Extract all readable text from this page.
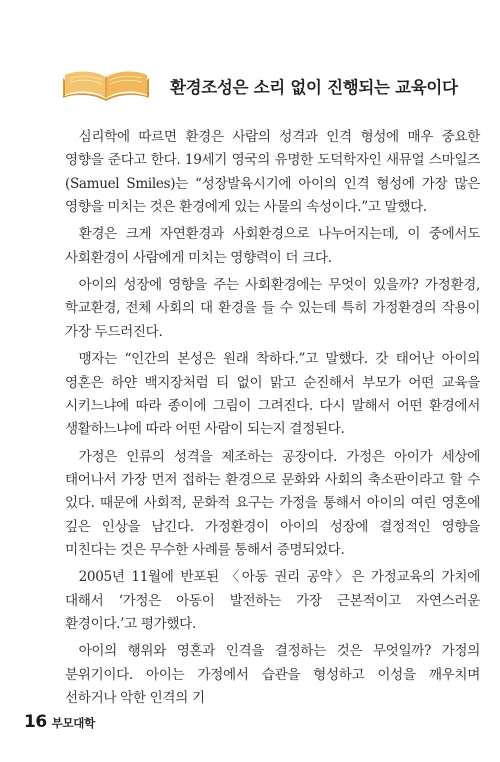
환경조성은 소리 없이 진행되는 교육이다

심리학에 따르면 환경은 사람의 성격과 인격 형성에 매우 중요한 영향을 준다고 한다. 19세기 영국의 유명한 도덕학자인 새뮤얼 스마일즈(Samuel Smiles)는 “성장발육시기에 아이의 인격 형성에 가장 많은 영향을 미치는 것은 환경에게 있는 사물의 속성이다.”고 말했다.

환경은 크게 자연환경과 사회환경으로 나누어지는데, 이 중에서도 사회환경이 사람에게 미치는 영향력이 더 크다.

아이의 성장에 영향을 주는 사회환경에는 무엇이 있을까? 가정환경, 학교환경, 전체 사회의 대 환경을 들 수 있는데 특히 가정환경의 작용이 가장 두드러진다.

맹자는 “인간의 본성은 원래 착하다.”고 말했다. 갓 태어난 아이의 영혼은 하얀 백지장처럼 티 없이 맑고 순진해서 부모가 어떤 교육을 시키느냐에 따라 종이에 그림이 그려진다. 다시 말해서 어떤 환경에서 생활하느냐에 따라 어떤 사람이 되는지 결정된다.

가정은 인류의 성격을 제조하는 공장이다. 가정은 아이가 세상에 태어나서 가장 먼저 접하는 환경으로 문화와 사회의 축소판이라고 할 수 있다. 때문에 사회적, 문화적 요구는 가정을 통해서 아이의 여린 영혼에 깊은 인상을 남긴다. 가정환경이 아이의 성장에 결정적인 영향을 미친다는 것은 무수한 사례를 통해서 증명되었다.

2005년 11월에 반포된 〈아동 권리 공약〉은 가정교육의 가치에 대해서 ‘가정은 아동이 발전하는 가장 근본적이고 자연스러운 환경이다.’고 평가했다.

아이의 행위와 영혼과 인격을 결정하는 것은 무엇일까? 가정의 분위기이다. 아이는 가정에서 습관을 형성하고 이성을 깨우치며 선하거나 악한 인격의 기

16 부모대학
